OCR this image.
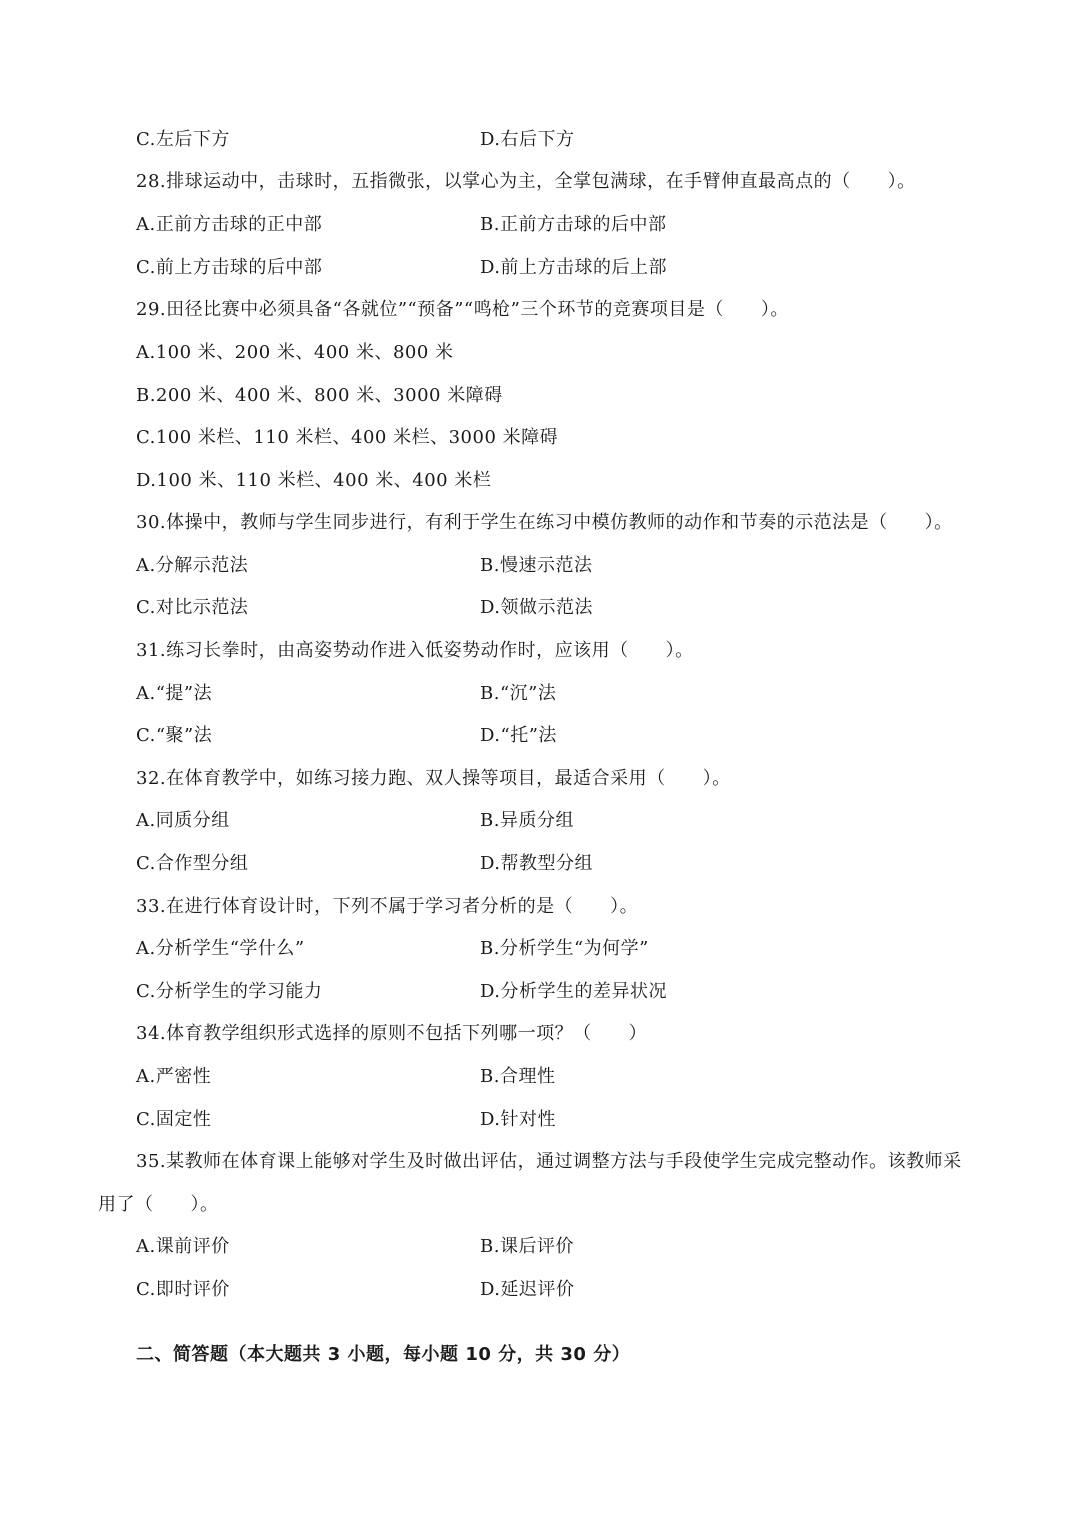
C.左后下方	D.右后下方
28.排球运动中，击球时，五指微张，以掌心为主，全掌包满球，在手臂伸直最高点的（　　）。
A.正前方击球的正中部	B.正前方击球的后中部
C.前上方击球的后中部	D.前上方击球的后上部
29.田径比赛中必须具备“各就位”“预备”“鸣枪”三个环节的竞赛项目是（　　）。
A.100 米、200 米、400 米、800 米
B.200 米、400 米、800 米、3000 米障碍
C.100 米栏、110 米栏、400 米栏、3000 米障碍
D.100 米、110 米栏、400 米、400 米栏
30.体操中，教师与学生同步进行，有利于学生在练习中模仿教师的动作和节奏的示范法是（　　）。
A.分解示范法	B.慢速示范法
C.对比示范法	D.领做示范法
31.练习长拳时，由高姿势动作进入低姿势动作时，应该用（　　）。
A.“提”法	B.“沉”法
C.“聚”法	D.“托”法
32.在体育教学中，如练习接力跑、双人操等项目，最适合采用（　　）。
A.同质分组	B.异质分组
C.合作型分组	D.帮教型分组
33.在进行体育设计时，下列不属于学习者分析的是（　　）。
A.分析学生“学什么”	B.分析学生“为何学”
C.分析学生的学习能力	D.分析学生的差异状况
34.体育教学组织形式选择的原则不包括下列哪一项？（　　）
A.严密性	B.合理性
C.固定性	D.针对性
35.某教师在体育课上能够对学生及时做出评估，通过调整方法与手段使学生完成完整动作。该教师采
用了（　　）。
A.课前评价	B.课后评价
C.即时评价	D.延迟评价
二、简答题（本大题共 3 小题，每小题 10 分，共 30 分）
